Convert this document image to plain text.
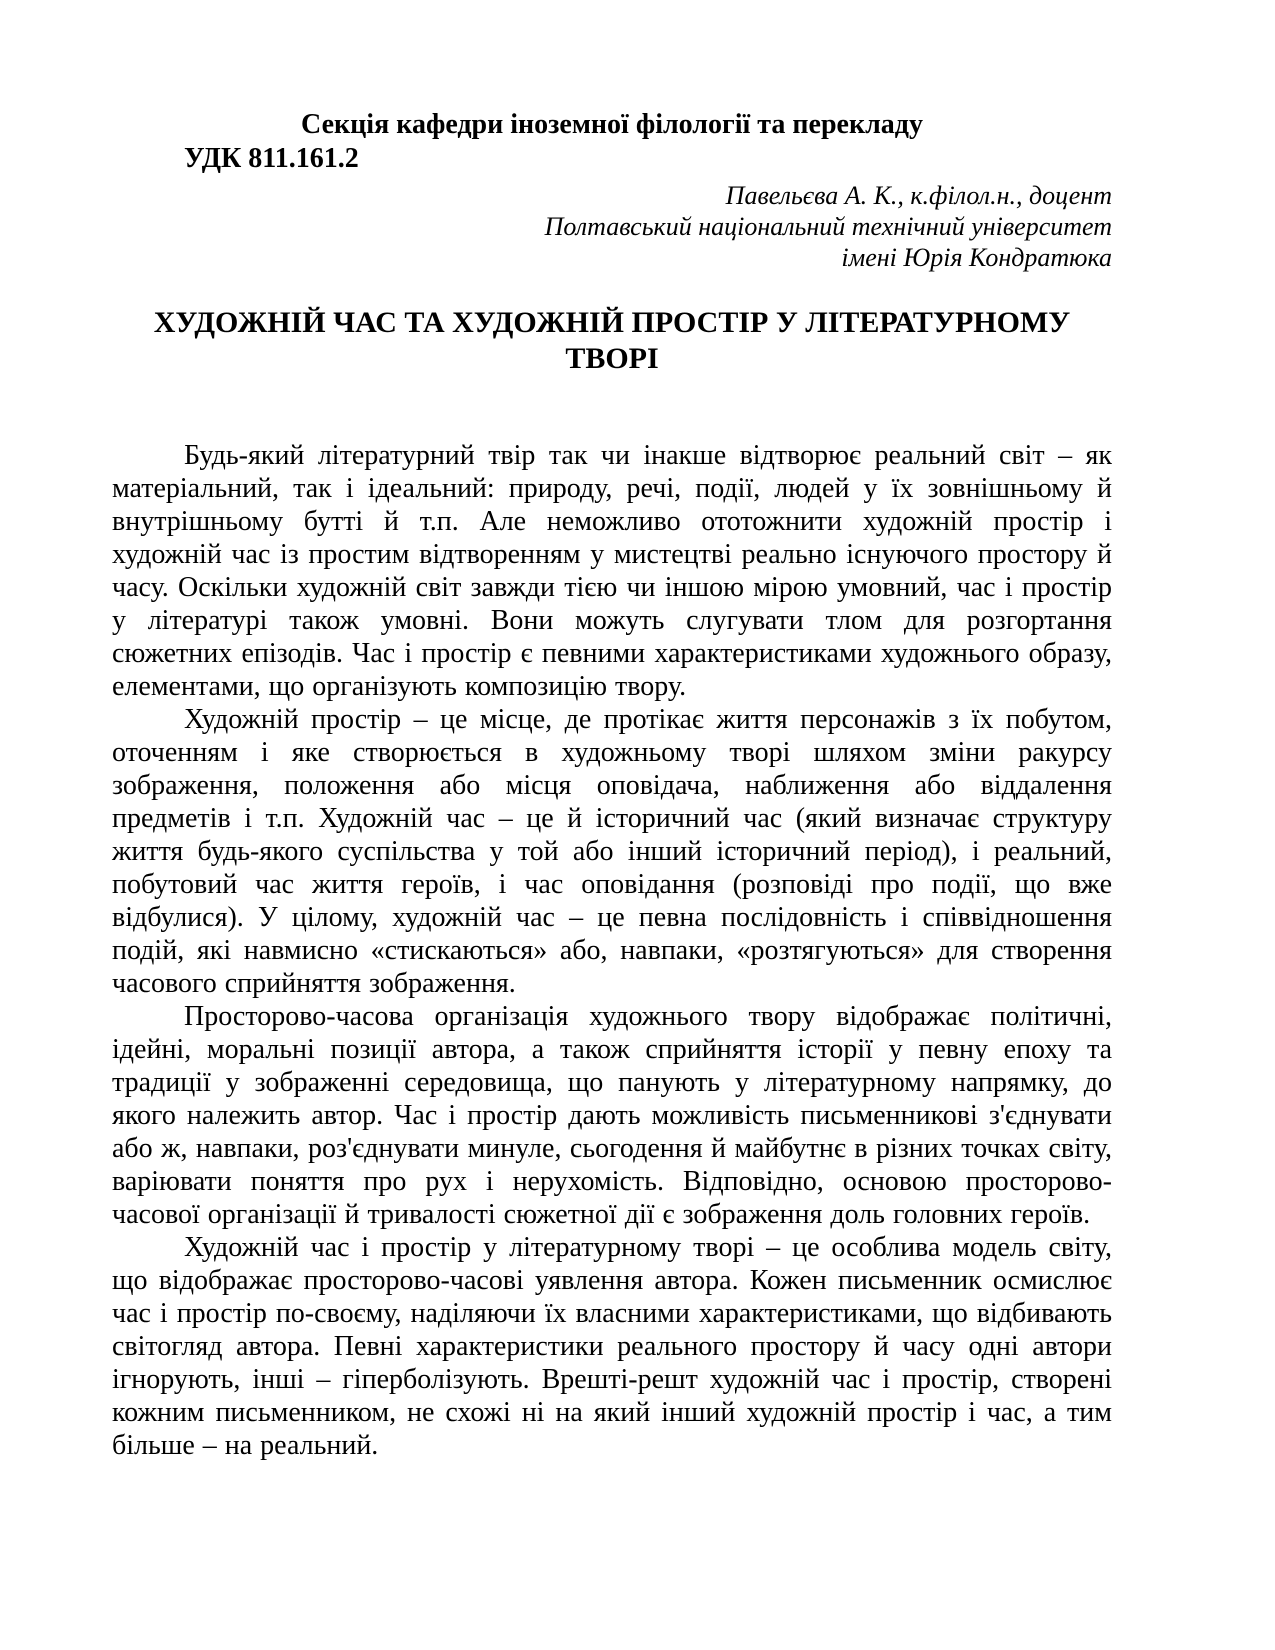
Секція кафедри іноземної філології та перекладу
УДК 811.161.2
Павельєва А. К., к.філол.н., доцент
Полтавський національний технічний університет
імені Юрія Кондратюка
ХУДОЖНІЙ ЧАС ТА ХУДОЖНІЙ ПРОСТІР У ЛІТЕРАТУРНОМУ ТВОРІ

Будь-який літературний твір так чи інакше відтворює реальний світ – як матеріальний, так і ідеальний: природу, речі, події, людей у їх зовнішньому й внутрішньому бутті й т.п. Але неможливо ототожнити художній простір і художній час із простим відтворенням у мистецтві реально існуючого простору й часу. Оскільки художній світ завжди тією чи іншою мірою умовний, час і простір у літературі також умовні. Вони можуть слугувати тлом для розгортання сюжетних епізодів. Час і простір є певними характеристиками художнього образу, елементами, що організують композицію твору.

Художній простір – це місце, де протікає життя персонажів з їх побутом, оточенням і яке створюється в художньому творі шляхом зміни ракурсу зображення, положення або місця оповідача, наближення або віддалення предметів і т.п. Художній час – це й історичний час (який визначає структуру життя будь-якого суспільства у той або інший історичний період), і реальний, побутовий час життя героїв, і час оповідання (розповіді про події, що вже відбулися). У цілому, художній час – це певна послідовність і співвідношення подій, які навмисно «стискаються» або, навпаки, «розтягуються» для створення часового сприйняття зображення.

Просторово-часова організація художнього твору відображає політичні, ідейні, моральні позиції автора, а також сприйняття історії у певну епоху та традиції у зображенні середовища, що панують у літературному напрямку, до якого належить автор. Час і простір дають можливість письменникові з'єднувати або ж, навпаки, роз'єднувати минуле, сьогодення й майбутнє в різних точках світу, варіювати поняття про рух і нерухомість. Відповідно, основою просторово-часової організації й тривалості сюжетної дії є зображення доль головних героїв.

Художній час і простір у літературному творі – це особлива модель світу, що відображає просторово-часові уявлення автора. Кожен письменник осмислює час і простір по-своєму, наділяючи їх власними характеристиками, що відбивають світогляд автора. Певні характеристики реального простору й часу одні автори ігнорують, інші – гіперболізують. Врешті-решт художній час і простір, створені кожним письменником, не схожі ні на який інший художній простір і час, а тим більше – на реальний.
